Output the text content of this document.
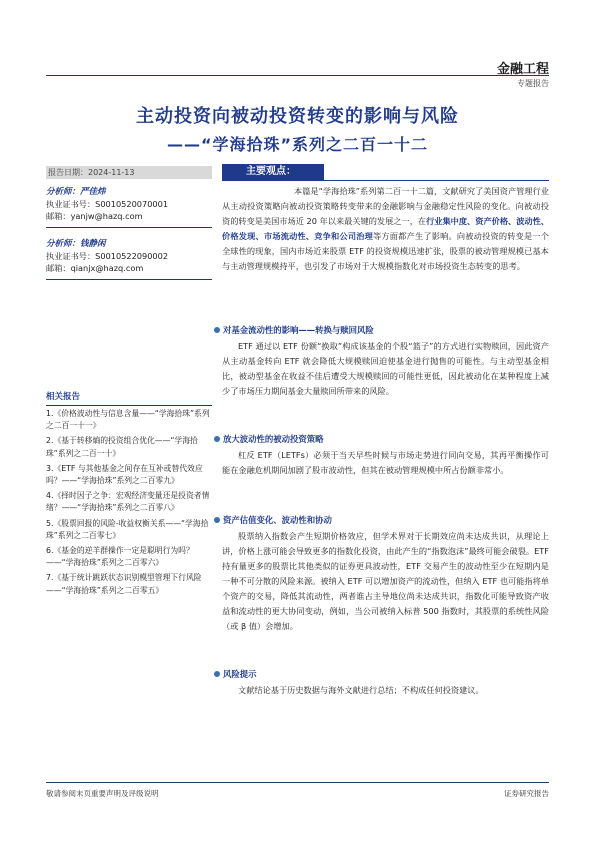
金融工程
专题报告
主动投资向被动投资转变的影响与风险
——“学海拾珠”系列之二百一十二
报告日期：2024-11-13
分析师：严佳炜
执业证书号：S0010520070001
邮箱：yanjw@hazq.com
分析师：钱静闲
执业证书号：S0010522090002
邮箱：qianjx@hazq.com
相关报告
1.《价格波动性与信息含量——“学海拾珠”系列之二百一十一》
2.《基于转移熵的投资组合优化——“学海拾珠”系列之二百一十》
3.《ETF 与其他基金之间存在互补或替代效应吗？——“学海拾珠”系列之二百零九》
4.《择时因子之争：宏观经济变量还是投资者情绪？——“学海拾珠”系列之二百零八》
5.《股票回报的风险-收益权衡关系——“学海拾珠”系列之二百零七》
6.《基金的逆羊群操作一定是聪明行为吗？——“学海拾珠”系列之二百零六》
7.《基于统计跳跃状态识别模型管理下行风险——“学海拾珠”系列之二百零五》
主要观点：
本篇是“学海拾珠”系列第二百一十二篇，文献研究了美国资产管理行业从主动投资策略向被动投资策略转变带来的金融影响与金融稳定性风险的变化。向被动投资的转变是美国市场近 20 年以来最关键的发展之一，在行业集中度、资产价格、波动性、价格发现、市场流动性、竞争和公司治理等方面都产生了影响。向被动投资的转变是一个全球性的现象，国内市场近来股票 ETF 的投资规模迅速扩张，股票的被动管理规模已基本与主动管理规模持平，也引发了市场对于大规模指数化对市场投资生态转变的思考。
对基金流动性的影响——转换与赎回风险
ETF 通过以 ETF 份额“换取”构成该基金的个股“篮子”的方式进行实物赎回，因此资产从主动基金转向 ETF 就会降低大规模赎回迫使基金进行抛售的可能性。与主动型基金相比，被动型基金在收益不佳后遭受大规模赎回的可能性更低，因此被动化在某种程度上减少了市场压力期间基金大量赎回所带来的风险。
放大波动性的被动投资策略
杠反 ETF（LETFs）必须于当天早些时候与市场走势进行同向交易，其再平衡操作可能在金融危机期间加剧了股市波动性，但其在被动管理规模中所占份额非常小。
资产估值变化、波动性和协动
股票纳入指数会产生短期价格效应，但学术界对于长期效应尚未达成共识，从理论上讲，价格上涨可能会导致更多的指数化投资，由此产生的“指数泡沫”最终可能会破裂。ETF 持有量更多的股票比其他类似的证券更具波动性，ETF 交易产生的波动性至少在短期内是一种不可分散的风险来源。被纳入 ETF 可以增加资产的流动性，但纳入 ETF 也可能指将单个资产的交易，降低其流动性，两者谁占主导地位尚未达成共识，指数化可能导致资产收益和流动性的更大协同变动，例如，当公司被纳入标普 500 指数时，其股票的系统性风险（或 β 值）会增加。
风险提示
文献结论基于历史数据与海外文献进行总结；不构成任何投资建议。
敬请参阅末页重要声明及评级说明	证券研究报告
